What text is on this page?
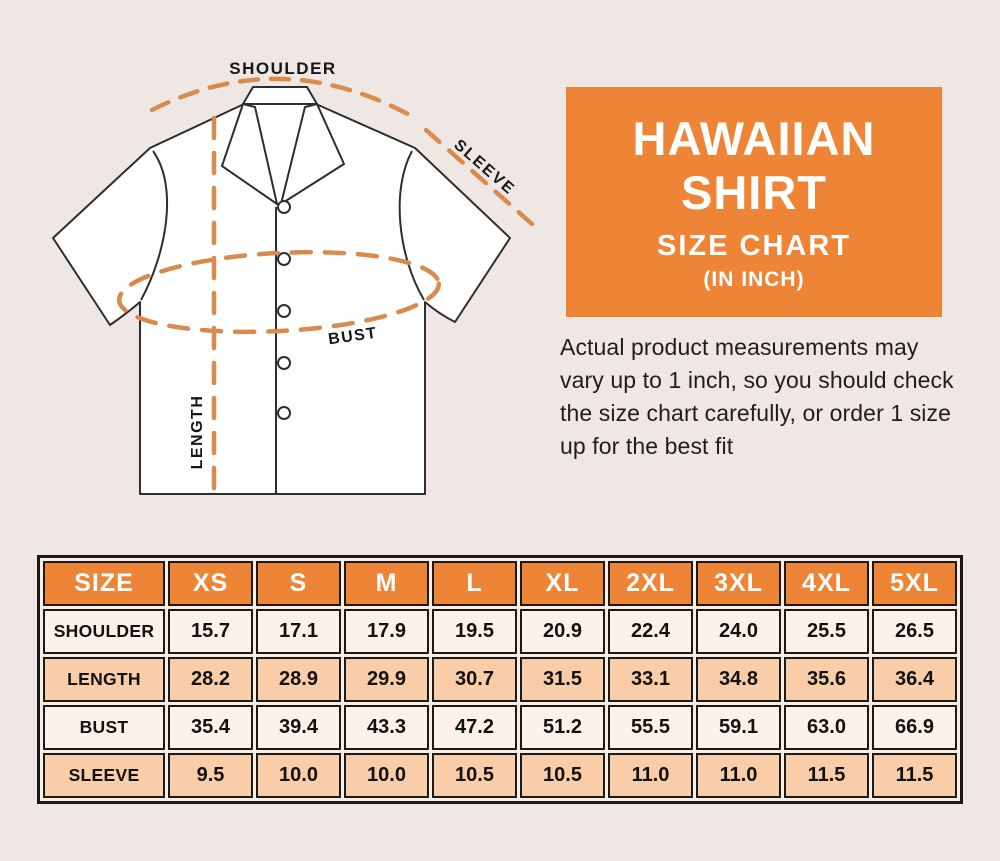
SHOULDER
SLEEVE
BUST
LENGTH
HAWAIIAN SHIRT
SIZE CHART
(IN INCH)

Actual product measurements may vary up to 1 inch, so you should check the size chart carefully, or order 1 size up for the best fit

SIZE	XS	S	M	L	XL	2XL	3XL	4XL	5XL
SHOULDER	15.7	17.1	17.9	19.5	20.9	22.4	24.0	25.5	26.5
LENGTH	28.2	28.9	29.9	30.7	31.5	33.1	34.8	35.6	36.4
BUST	35.4	39.4	43.3	47.2	51.2	55.5	59.1	63.0	66.9
SLEEVE	9.5	10.0	10.0	10.5	10.5	11.0	11.0	11.5	11.5
